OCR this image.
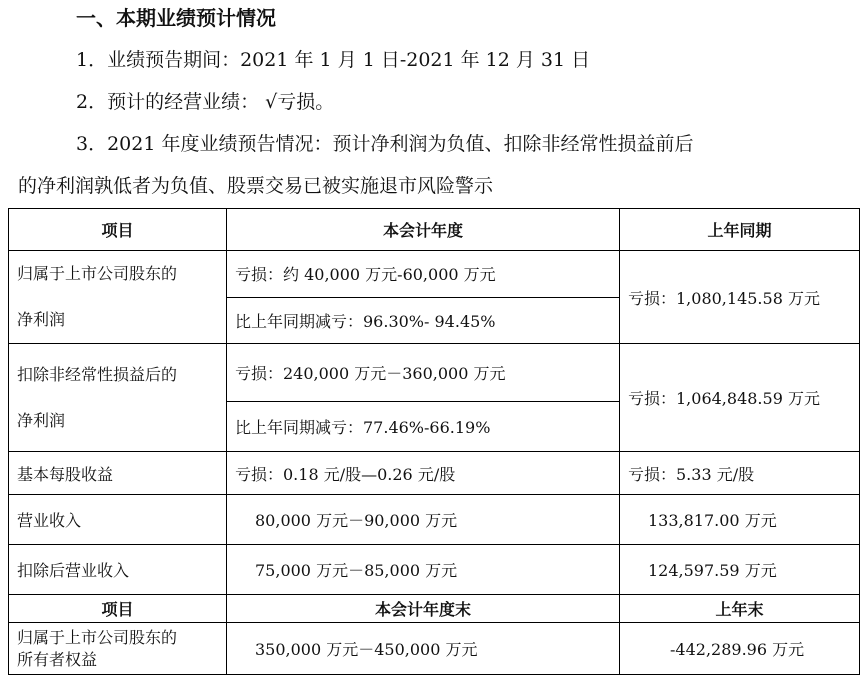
一、本期业绩预计情况
1．业绩预告期间：2021 年 1 月 1 日-2021 年 12 月 31 日
2．预计的经营业绩： √亏损。
3．2021 年度业绩预告情况：预计净利润为负值、扣除非经常性损益前后
的净利润孰低者为负值、股票交易已被实施退市风险警示
项目	本会计年度	上年同期

归属于上市公司股东的
净利润	亏损：约 40,000 万元-60,000 万元	亏损：1,080,145.58 万元
	比上年同期减亏：96.30%- 94.45%	

扣除非经常性损益后的
净利润	亏损：240,000 万元－360,000 万元	亏损：1,064,848.59 万元
	比上年同期减亏：77.46%-66.19%	
基本每股收益	亏损：0.18 元/股—0.26 元/股	亏损：5.33 元/股
营业收入	80,000 万元－90,000 万元	133,817.00 万元
扣除后营业收入	75,000 万元－85,000 万元	124,597.59 万元
项目	本会计年度末	上年末

归属于上市公司股东的
所有者权益	350,000 万元－450,000 万元	-442,289.96 万元
